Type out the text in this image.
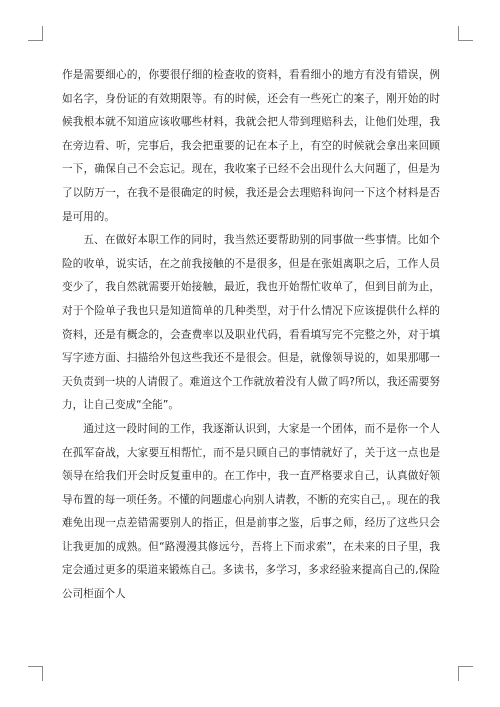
作是需要细心的，你要很仔细的检查收的资料，看看细小的地方有没有错误，例如名字，身份证的有效期限等。有的时候，还会有一些死亡的案子，刚开始的时候我根本就不知道应该收哪些材料，我就会把人带到理赔科去，让他们处理，我在旁边看、听，完事后，我会把重要的记在本子上，有空的时候就会拿出来回顾一下，确保自己不会忘记。现在，我收案子已经不会出现什么大问题了，但是为了以防万一，在我不是很确定的时候，我还是会去理赔科询问一下这个材料是否是可用的。

五、在做好本职工作的同时，我当然还要帮助别的同事做一些事情。比如个险的收单，说实话，在之前我接触的不是很多，但是在张姐离职之后，工作人员变少了，我自然就需要开始接触，最近，我也开始帮忙收单了，但到目前为止，对于个险单子我也只是知道简单的几种类型，对于什么情况下应该提供什么样的资料，还是有概念的，会查费率以及职业代码，看看填写完不完整之外，对于填写字迹方面、扫描给外包这些我还不是很会。但是，就像领导说的，如果那哪一天负责到一块的人请假了。难道这个工作就放着没有人做了吗?所以，我还需要努力，让自己变成“全能”。

通过这一段时间的工作，我逐渐认识到，大家是一个团体，而不是你一个人在孤军奋战，大家要互相帮忙，而不是只顾自己的事情就好了，关于这一点也是领导在给我们开会时反复重申的。在工作中，我一直严格要求自己，认真做好领导布置的每一项任务。不懂的问题虚心向别人请教，不断的充实自己，。现在的我难免出现一点差错需要别人的指正，但是前事之鉴，后事之师，经历了这些只会让我更加的成熟。但“路漫漫其修远兮，吾将上下而求索”，在未来的日子里，我定会通过更多的渠道来锻炼自己。多读书，多学习，多求经验来提高自己的,保险公司柜面个人
